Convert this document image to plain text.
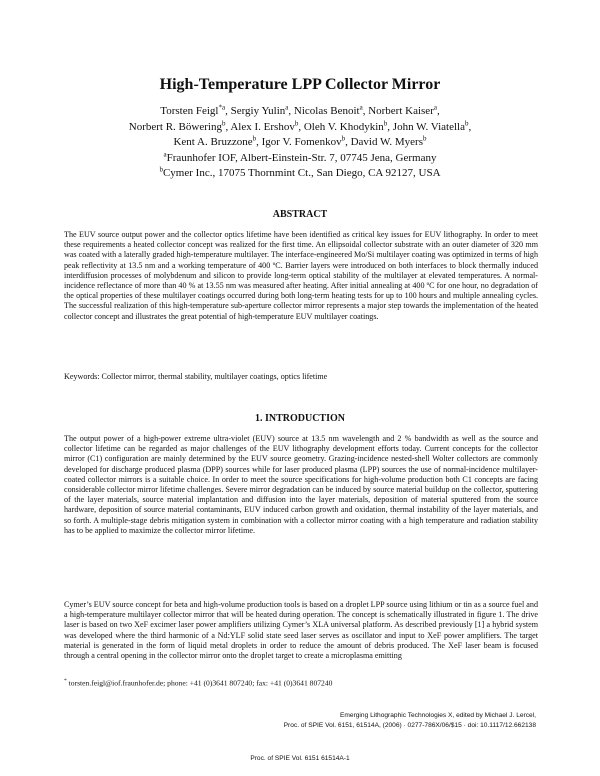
High-Temperature LPP Collector Mirror
Torsten Feigl$^{*a}$, Sergiy Yulin$^a$, Nicolas Benoit$^a$, Norbert Kaiser$^a$,
Norbert R. Böwering$^b$, Alex I. Ershov$^b$, Oleh V. Khodykin$^b$, John W. Viatella$^b$,
Kent A. Bruzzone$^b$, Igor V. Fomenkov$^b$, David W. Myers$^b$
$^a$Fraunhofer IOF, Albert-Einstein-Str. 7, 07745 Jena, Germany
$^b$Cymer Inc., 17075 Thornmint Ct., San Diego, CA 92127, USA
ABSTRACT

The EUV source output power and the collector optics lifetime have been identified as critical key issues for EUV lithography. In order to meet these requirements a heated collector concept was realized for the first time. An ellipsoidal collector substrate with an outer diameter of 320 mm was coated with a laterally graded high-temperature multilayer. The interface-engineered Mo/Si multilayer coating was optimized in terms of high peak reflectivity at 13.5 nm and a working temperature of 400 ºC. Barrier layers were introduced on both interfaces to block thermally induced interdiffusion processes of molybdenum and silicon to provide long-term optical stability of the multilayer at elevated temperatures. A normal-incidence reflectance of more than 40 % at 13.55 nm was measured after heating. After initial annealing at 400 ºC for one hour, no degradation of the optical properties of these multilayer coatings occurred during both long-term heating tests for up to 100 hours and multiple annealing cycles. The successful realization of this high-temperature sub-aperture collector mirror represents a major step towards the implementation of the heated collector concept and illustrates the great potential of high-temperature EUV multilayer coatings.

Keywords: Collector mirror, thermal stability, multilayer coatings, optics lifetime

1. INTRODUCTION

The output power of a high-power extreme ultra-violet (EUV) source at 13.5 nm wavelength and 2 % bandwidth as well as the source and collector lifetime can be regarded as major challenges of the EUV lithography development efforts today. Current concepts for the collector mirror (C1) configuration are mainly determined by the EUV source geometry. Grazing-incidence nested-shell Wolter collectors are commonly developed for discharge produced plasma (DPP) sources while for laser produced plasma (LPP) sources the use of normal-incidence multilayer-coated collector mirrors is a suitable choice. In order to meet the source specifications for high-volume production both C1 concepts are facing considerable collector mirror lifetime challenges. Severe mirror degradation can be induced by source material buildup on the collector, sputtering of the layer materials, source material implantation and diffusion into the layer materials, deposition of material sputtered from the source hardware, deposition of source material contaminants, EUV induced carbon growth and oxidation, thermal instability of the layer materials, and so forth. A multiple-stage debris mitigation system in combination with a collector mirror coating with a high temperature and radiation stability has to be applied to maximize the collector mirror lifetime.

Cymer’s EUV source concept for beta and high-volume production tools is based on a droplet LPP source using lithium or tin as a source fuel and a high-temperature multilayer collector mirror that will be heated during operation. The concept is schematically illustrated in figure 1. The drive laser is based on two XeF excimer laser power amplifiers utilizing Cymer’s XLA universal platform. As described previously [1] a hybrid system was developed where the third harmonic of a Nd:YLF solid state seed laser serves as oscillator and input to XeF power amplifiers. The target material is generated in the form of liquid metal droplets in order to reduce the amount of debris produced. The XeF laser beam is focused through a central opening in the collector mirror onto the droplet target to create a microplasma emitting

* torsten.feigl@iof.fraunhofer.de; phone: +41 (0)3641 807240; fax: +41 (0)3641 807240
Emerging Lithographic Technologies X, edited by Michael J. Lercel,
Proc. of SPIE Vol. 6151, 61514A, (2006) · 0277-786X/06/$15 · doi: 10.1117/12.662138
Proc. of SPIE Vol. 6151 61514A-1
